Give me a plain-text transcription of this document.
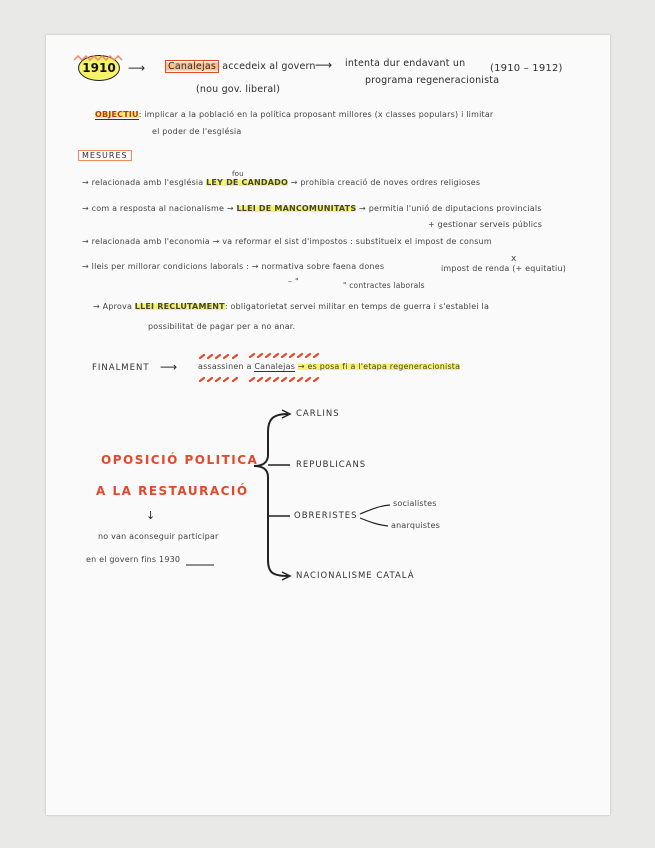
1910	⟶	Canalejas accedeix al govern ⟶ intenta dur endavant un
programa regeneracionista
(1910 – 1912)
(nou gov. liberal)
OBJECTIU: implicar a la població en la política proposant millores (x classes populars) i limitar
el poder de l'església
MESURES
fou
→ relacionada amb l'església LEY DE CANDADO → prohibia creació de noves ordres religioses
→ com a resposta al nacionalisme → LLEI DE MANCOMUNITATS → permitia l'unió de diputacions provincials
+ gestionar serveis públics
→ relacionada amb l'economia → va reformar el sist d'impostos : substitueix el impost de consum
→ lleis per millorar condicions laborals : → normativa sobre faena dones
x
impost de renda (+ equitatiu)
– "	" contractes laborals
→ Aprova LLEI RECLUTAMENT: obligatorietat servei militar en temps de guerra i s'establei la
possibilitat de pagar per a no anar.
FINALMENT ⟶	assassinen a Canalejas → es posa fi a l'etapa regeneracionista
OPOSICIÓ POLITICA
A LA RESTAURACIÓ
↓
no van aconseguir participar
en el govern fins 1930
CARLINS
REPUBLICANS
OBRERISTES
NACIONALISME CATALÀ
socialistes
anarquistes
